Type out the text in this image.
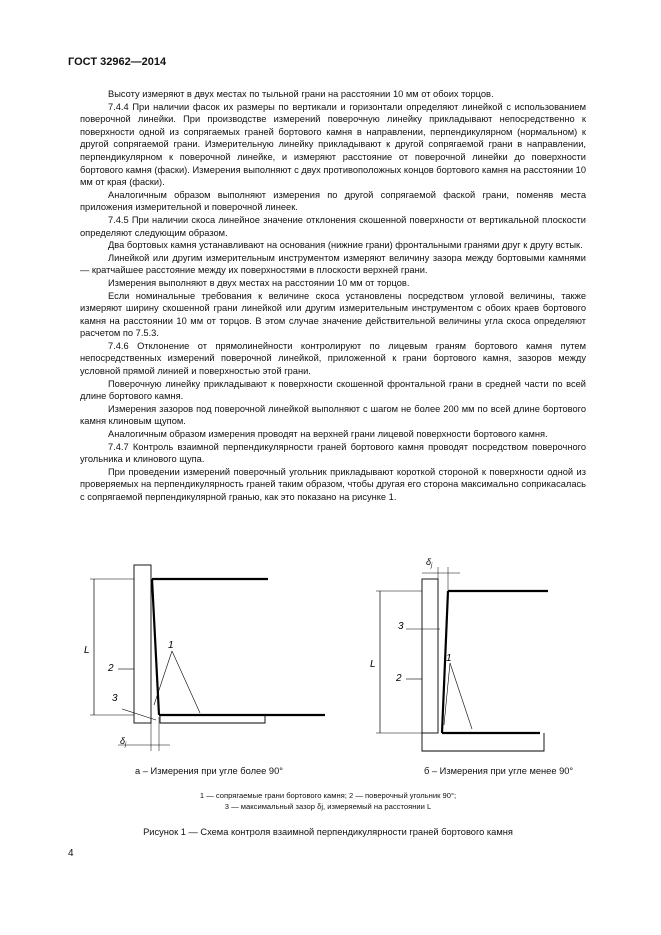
ГОСТ 32962—2014

Высоту измеряют в двух местах по тыльной грани на расстоянии 10 мм от обоих торцов.

7.4.4 При наличии фасок их размеры по вертикали и горизонтали определяют линейкой с использованием поверочной линейки. При производстве измерений поверочную линейку прикладывают непосредственно к поверхности одной из сопрягаемых граней бортового камня в направлении, перпендикулярном (нормальном) к другой сопрягаемой грани. Измерительную линейку прикладывают к другой сопрягаемой грани в направлении, перпендикулярном к поверочной линейке, и измеряют расстояние от поверочной линейки до поверхности бортового камня (фаски). Измерения выполняют с двух противоположных концов бортового камня на расстоянии 10 мм от края (фаски).

Аналогичным образом выполняют измерения по другой сопрягаемой фаской грани, поменяв места приложения измерительной и поверочной линеек.

7.4.5 При наличии скоса линейное значение отклонения скошенной поверхности от вертикальной плоскости определяют следующим образом.

Два бортовых камня устанавливают на основания (нижние грани) фронтальными гранями друг к другу встык.

Линейкой или другим измерительным инструментом измеряют величину зазора между бортовыми камнями — кратчайшее расстояние между их поверхностями в плоскости верхней грани.

Измерения выполняют в двух местах на расстоянии 10 мм от торцов.

Если номинальные требования к величине скоса установлены посредством угловой величины, также измеряют ширину скошенной грани линейкой или другим измерительным инструментом с обоих краев бортового камня на расстоянии 10 мм от торцов. В этом случае значение действительной величины угла скоса определяют расчетом по 7.5.3.

7.4.6 Отклонение от прямолинейности контролируют по лицевым граням бортового камня путем непосредственных измерений поверочной линейкой, приложенной к грани бортового камня, зазоров между условной прямой линией и поверхностью этой грани.

Поверочную линейку прикладывают к поверхности скошенной фронтальной грани в средней части по всей длине бортового камня.

Измерения зазоров под поверочной линейкой выполняют с шагом не более 200 мм по всей длине бортового камня клиновым щупом.

Аналогичным образом измерения проводят на верхней грани лицевой поверхности бортового камня.

7.4.7 Контроль взаимной перпендикулярности граней бортового камня проводят посредством поверочного угольника и клинового щупа.

При проведении измерений поверочный угольник прикладывают короткой стороной к поверхности одной из проверяемых на перпендикулярность граней таким образом, чтобы другая его сторона максимально соприкасалась с сопрягаемой перпендикулярной гранью, как это показано на рисунке 1.

1
2
3
L
$\delta_j$
1
2
3
L
$\delta_j$
а – Измерения при угле более 90°	б – Измерения при угле менее 90°
1 — сопрягаемые грани бортового камня; 2 — поверочный угольник 90°;
3 — максимальный зазор δj, измеряемый на расстоянии L
Рисунок 1 — Схема контроля взаимной перпендикулярности граней бортового камня
4
